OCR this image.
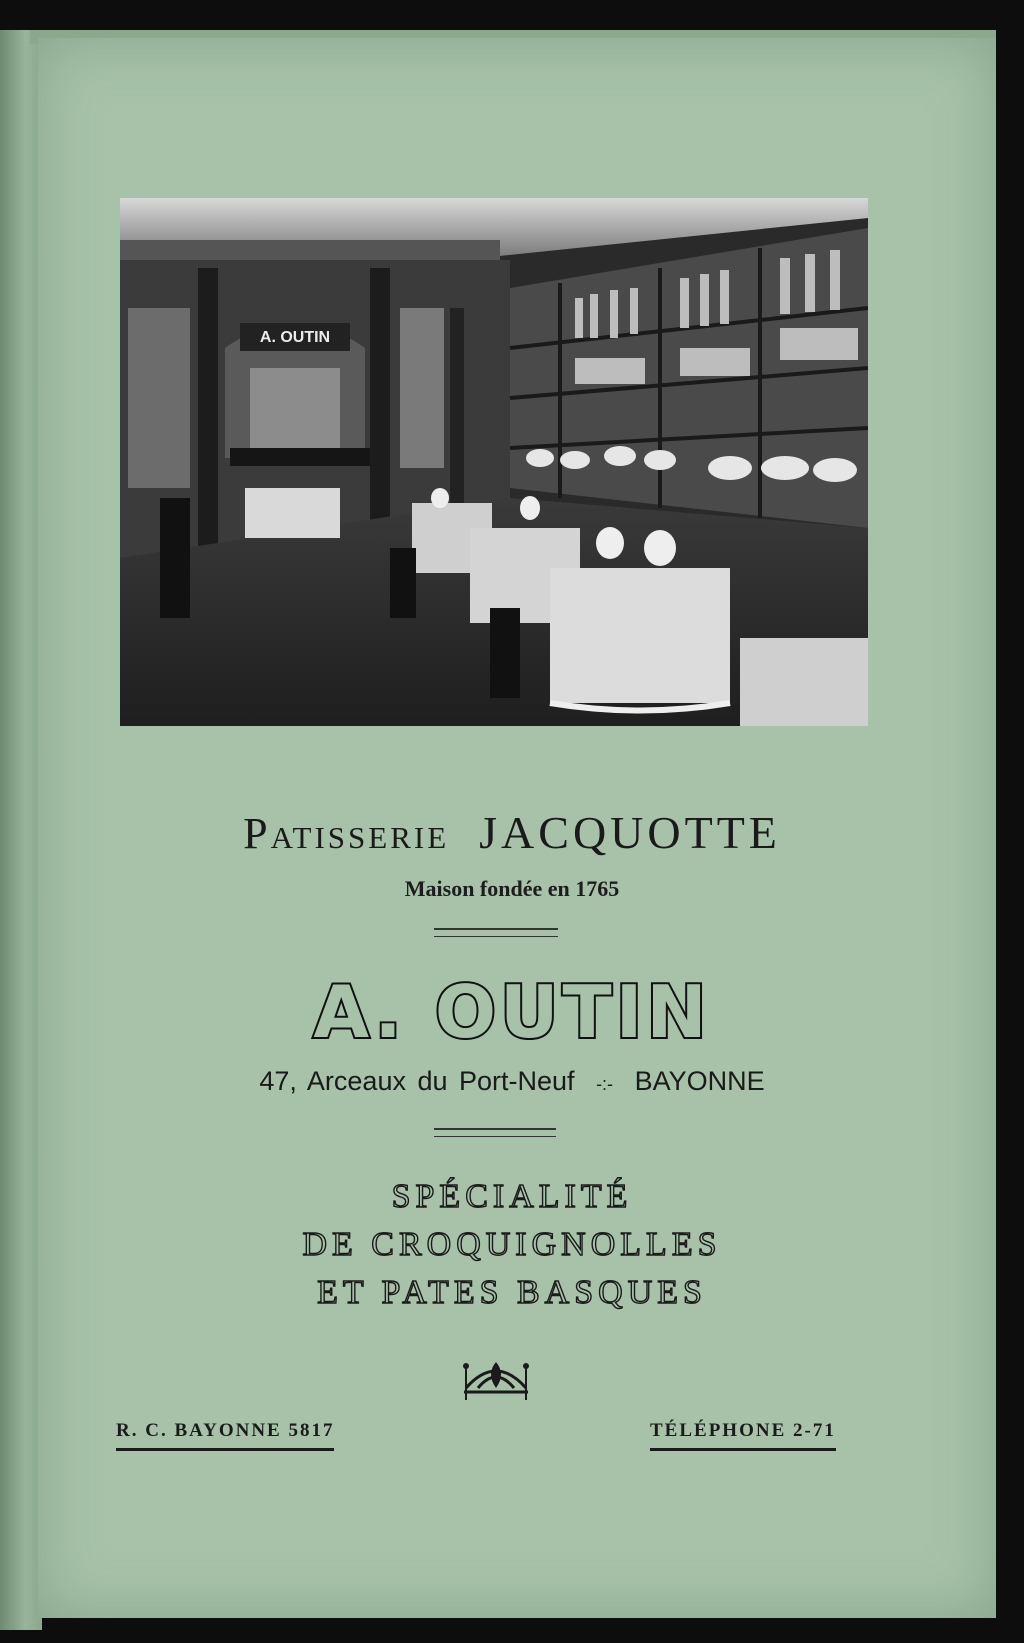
A. OUTIN
Patisserie JACQUOTTE
Maison fondée en 1765
A. OUTIN
47, Arceaux du Port-Neuf -:- BAYONNE
SPÉCIALITÉ
DE CROQUIGNOLLES
ET PATES BASQUES
R. C. BAYONNE 5817	TÉLÉPHONE 2-71
